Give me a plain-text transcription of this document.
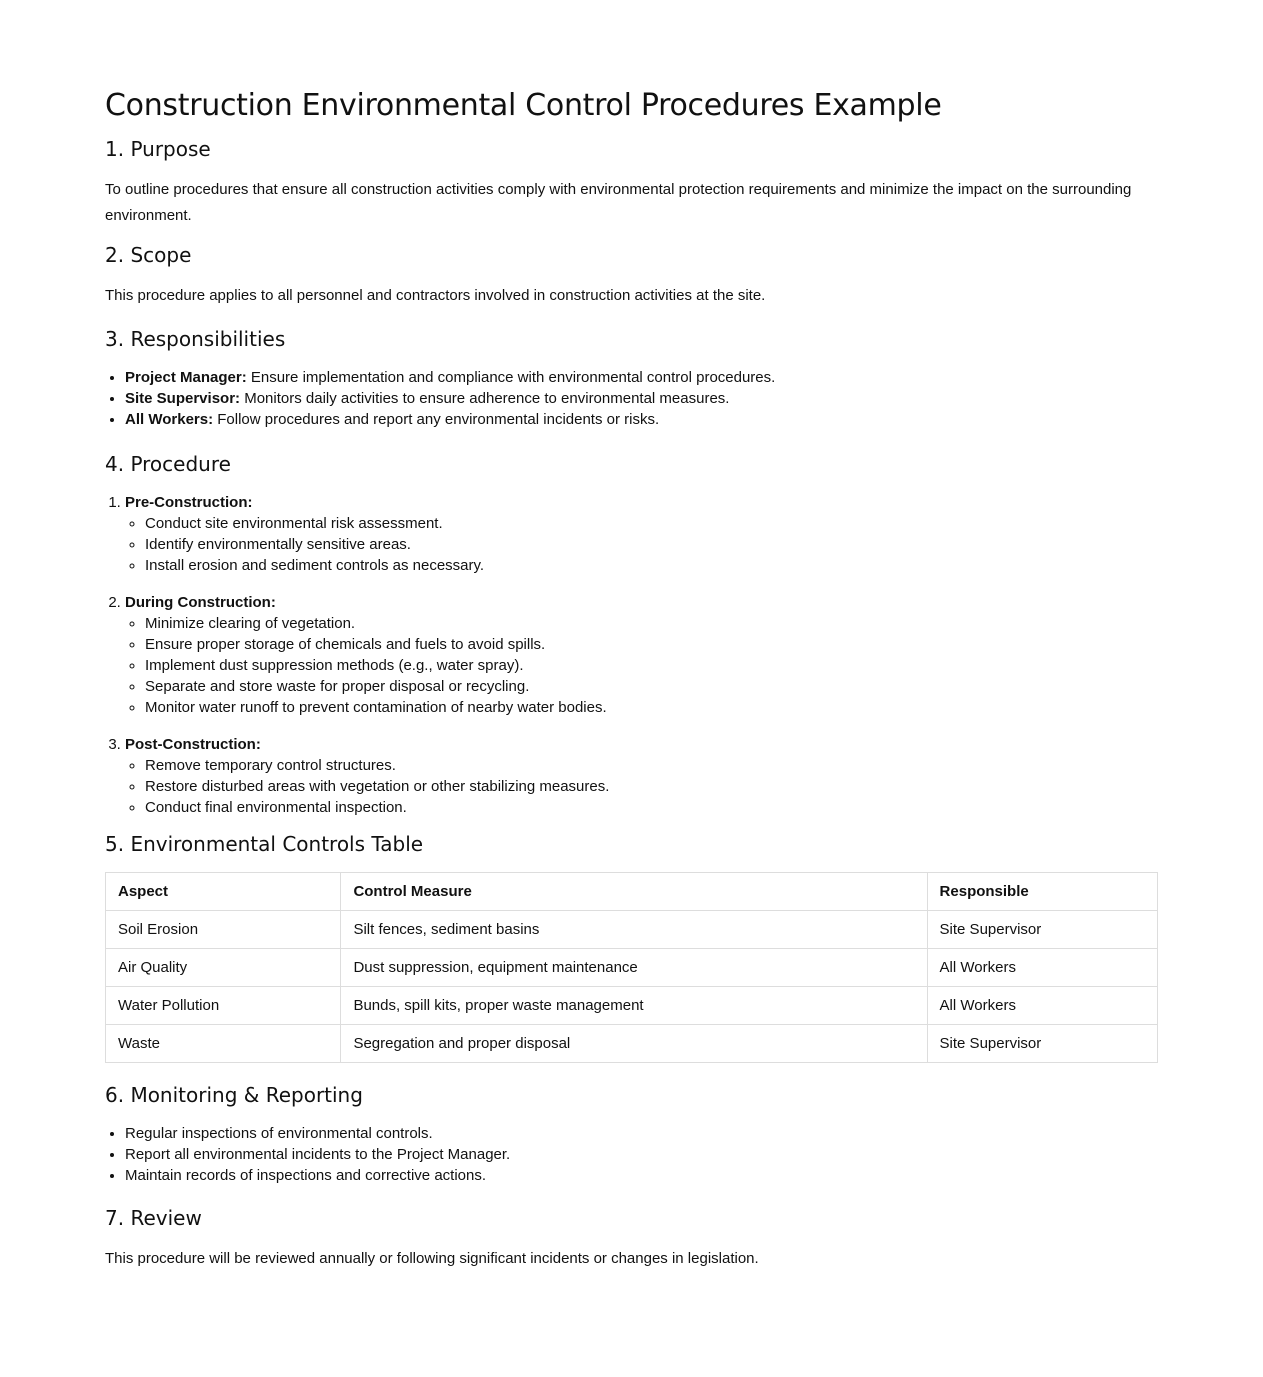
Construction Environmental Control Procedures Example
1. Purpose

To outline procedures that ensure all construction activities comply with environmental protection requirements and minimize the impact on the surrounding environment.

2. Scope

This procedure applies to all personnel and contractors involved in construction activities at the site.

3. Responsibilities
• Project Manager: Ensure implementation and compliance with environmental control procedures.
• Site Supervisor: Monitors daily activities to ensure adherence to environmental measures.
• All Workers: Follow procedures and report any environmental incidents or risks.
4. Procedure
1. Pre-Construction:
◦ Conduct site environmental risk assessment.
◦ Identify environmentally sensitive areas.
◦ Install erosion and sediment controls as necessary.
2. During Construction:
◦ Minimize clearing of vegetation.
◦ Ensure proper storage of chemicals and fuels to avoid spills.
◦ Implement dust suppression methods (e.g., water spray).
◦ Separate and store waste for proper disposal or recycling.
◦ Monitor water runoff to prevent contamination of nearby water bodies.
3. Post-Construction:
◦ Remove temporary control structures.
◦ Restore disturbed areas with vegetation or other stabilizing measures.
◦ Conduct final environmental inspection.
5. Environmental Controls Table
Aspect	Control Measure	Responsible
Soil Erosion	Silt fences, sediment basins	Site Supervisor
Air Quality	Dust suppression, equipment maintenance	All Workers
Water Pollution	Bunds, spill kits, proper waste management	All Workers
Waste	Segregation and proper disposal	Site Supervisor
6. Monitoring & Reporting
• Regular inspections of environmental controls.
• Report all environmental incidents to the Project Manager.
• Maintain records of inspections and corrective actions.
7. Review

This procedure will be reviewed annually or following significant incidents or changes in legislation.
